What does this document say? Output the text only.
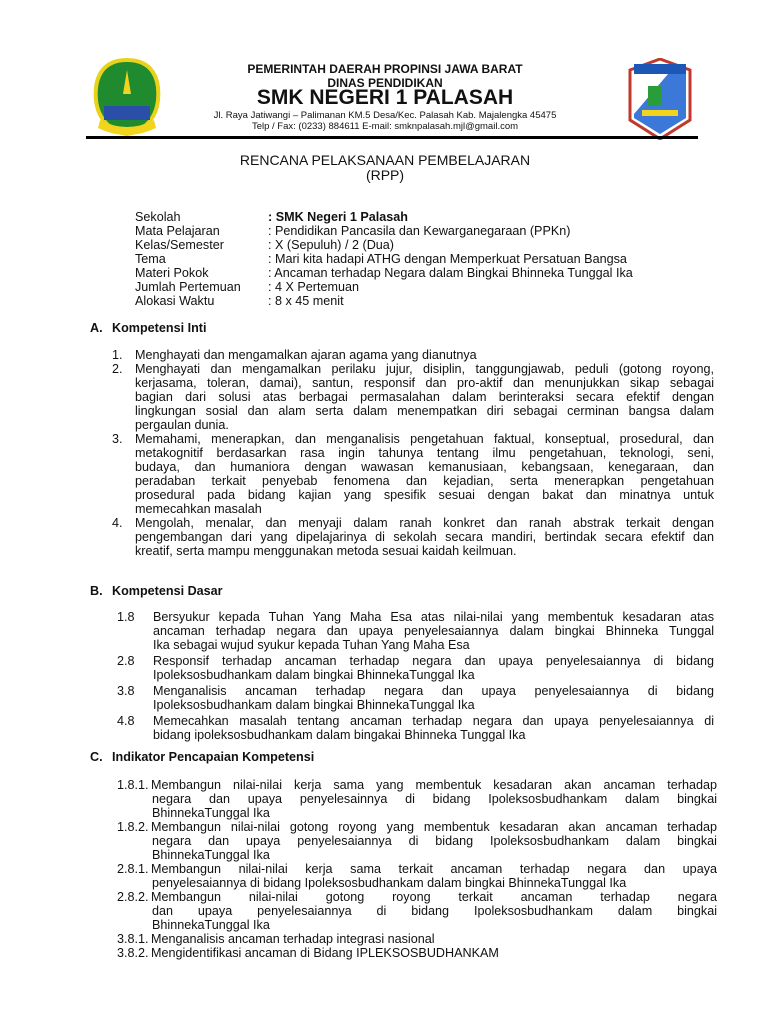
PEMERINTAH DAERAH PROPINSI JAWA BARAT
DINAS PENDIDIKAN
SMK NEGERI 1 PALASAH
Jl. Raya Jatiwangi – Palimanan KM.5 Desa/Kec. Palasah Kab. Majalengka 45475
Telp / Fax: (0233) 884611 E-mail: smknpalasah.mjl@gmail.com
RENCANA PELAKSANAAN PEMBELAJARAN
(RPP)
Sekolah	: SMK Negeri 1 Palasah
Mata Pelajaran	: Pendidikan Pancasila dan Kewarganegaraan (PPKn)
Kelas/Semester	: X (Sepuluh) / 2 (Dua)
Tema	: Mari kita hadapi ATHG dengan Memperkuat Persatuan Bangsa
Materi Pokok	: Ancaman terhadap Negara dalam Bingkai Bhinneka Tunggal Ika
Jumlah Pertemuan : 4 X Pertemuan
Alokasi Waktu	: 8 x 45 menit
A. Kompetensi Inti
1. Menghayati dan mengamalkan ajaran agama yang dianutnya
2. Menghayati dan mengamalkan perilaku jujur, disiplin, tanggungjawab, peduli (gotong royong,
kerjasama, toleran, damai), santun, responsif dan pro-aktif dan menunjukkan sikap sebagai
bagian dari solusi atas berbagai permasalahan dalam berinteraksi secara efektif dengan
lingkungan sosial dan alam serta dalam menempatkan diri sebagai cerminan bangsa dalam
pergaulan dunia.
3. Memahami, menerapkan, dan menganalisis pengetahuan faktual, konseptual, prosedural, dan
metakognitif berdasarkan rasa ingin tahunya tentang ilmu pengetahuan, teknologi, seni,
budaya, dan humaniora dengan wawasan kemanusiaan, kebangsaan, kenegaraan, dan
peradaban terkait penyebab fenomena dan kejadian, serta menerapkan pengetahuan
prosedural pada bidang kajian yang spesifik sesuai dengan bakat dan minatnya untuk
memecahkan masalah
4. Mengolah, menalar, dan menyaji dalam ranah konkret dan ranah abstrak terkait dengan
pengembangan dari yang dipelajarinya di sekolah secara mandiri, bertindak secara efektif dan
kreatif, serta mampu menggunakan metoda sesuai kaidah keilmuan.
B. Kompetensi Dasar
1.8 Bersyukur kepada Tuhan Yang Maha Esa atas nilai-nilai yang membentuk kesadaran atas
ancaman terhadap negara dan upaya penyelesaiannya dalam bingkai Bhinneka Tunggal
Ika sebagai wujud syukur kepada Tuhan Yang Maha Esa
2.8 Responsif terhadap ancaman terhadap negara dan upaya penyelesaiannya di bidang
Ipoleksosbudhankam dalam bingkai BhinnekaTunggal Ika
3.8 Menganalisis ancaman terhadap negara dan upaya penyelesaiannya di bidang
Ipoleksosbudhankam dalam bingkai BhinnekaTunggal Ika
4.8 Memecahkan masalah tentang ancaman terhadap negara dan upaya penyelesaiannya di
bidang ipoleksosbudhankam dalam bingakai Bhinneka Tunggal Ika
C. Indikator Pencapaian Kompetensi
1.8.1. Membangun nilai-nilai kerja sama yang membentuk kesadaran akan ancaman terhadap
negara dan upaya penyelesainnya di bidang Ipoleksosbudhankam dalam bingkai
BhinnekaTunggal Ika
1.8.2. Membangun nilai-nilai gotong royong yang membentuk kesadaran akan ancaman terhadap
negara dan upaya penyelesaiannya di bidang Ipoleksosbudhankam dalam bingkai
BhinnekaTunggal Ika
2.8.1. Membangun nilai-nilai kerja sama terkait ancaman terhadap negara dan upaya
penyelesaiannya di bidang Ipoleksosbudhankam dalam bingkai BhinnekaTunggal Ika
2.8.2. Membangun nilai-nilai gotong royong terkait ancaman terhadap negara
dan upaya penyelesaiannya di bidang Ipoleksosbudhankam dalam bingkai
BhinnekaTunggal Ika
3.8.1. Menganalisis ancaman terhadap integrasi nasional
3.8.2. Mengidentifikasi ancaman di Bidang IPLEKSOSBUDHANKAM
